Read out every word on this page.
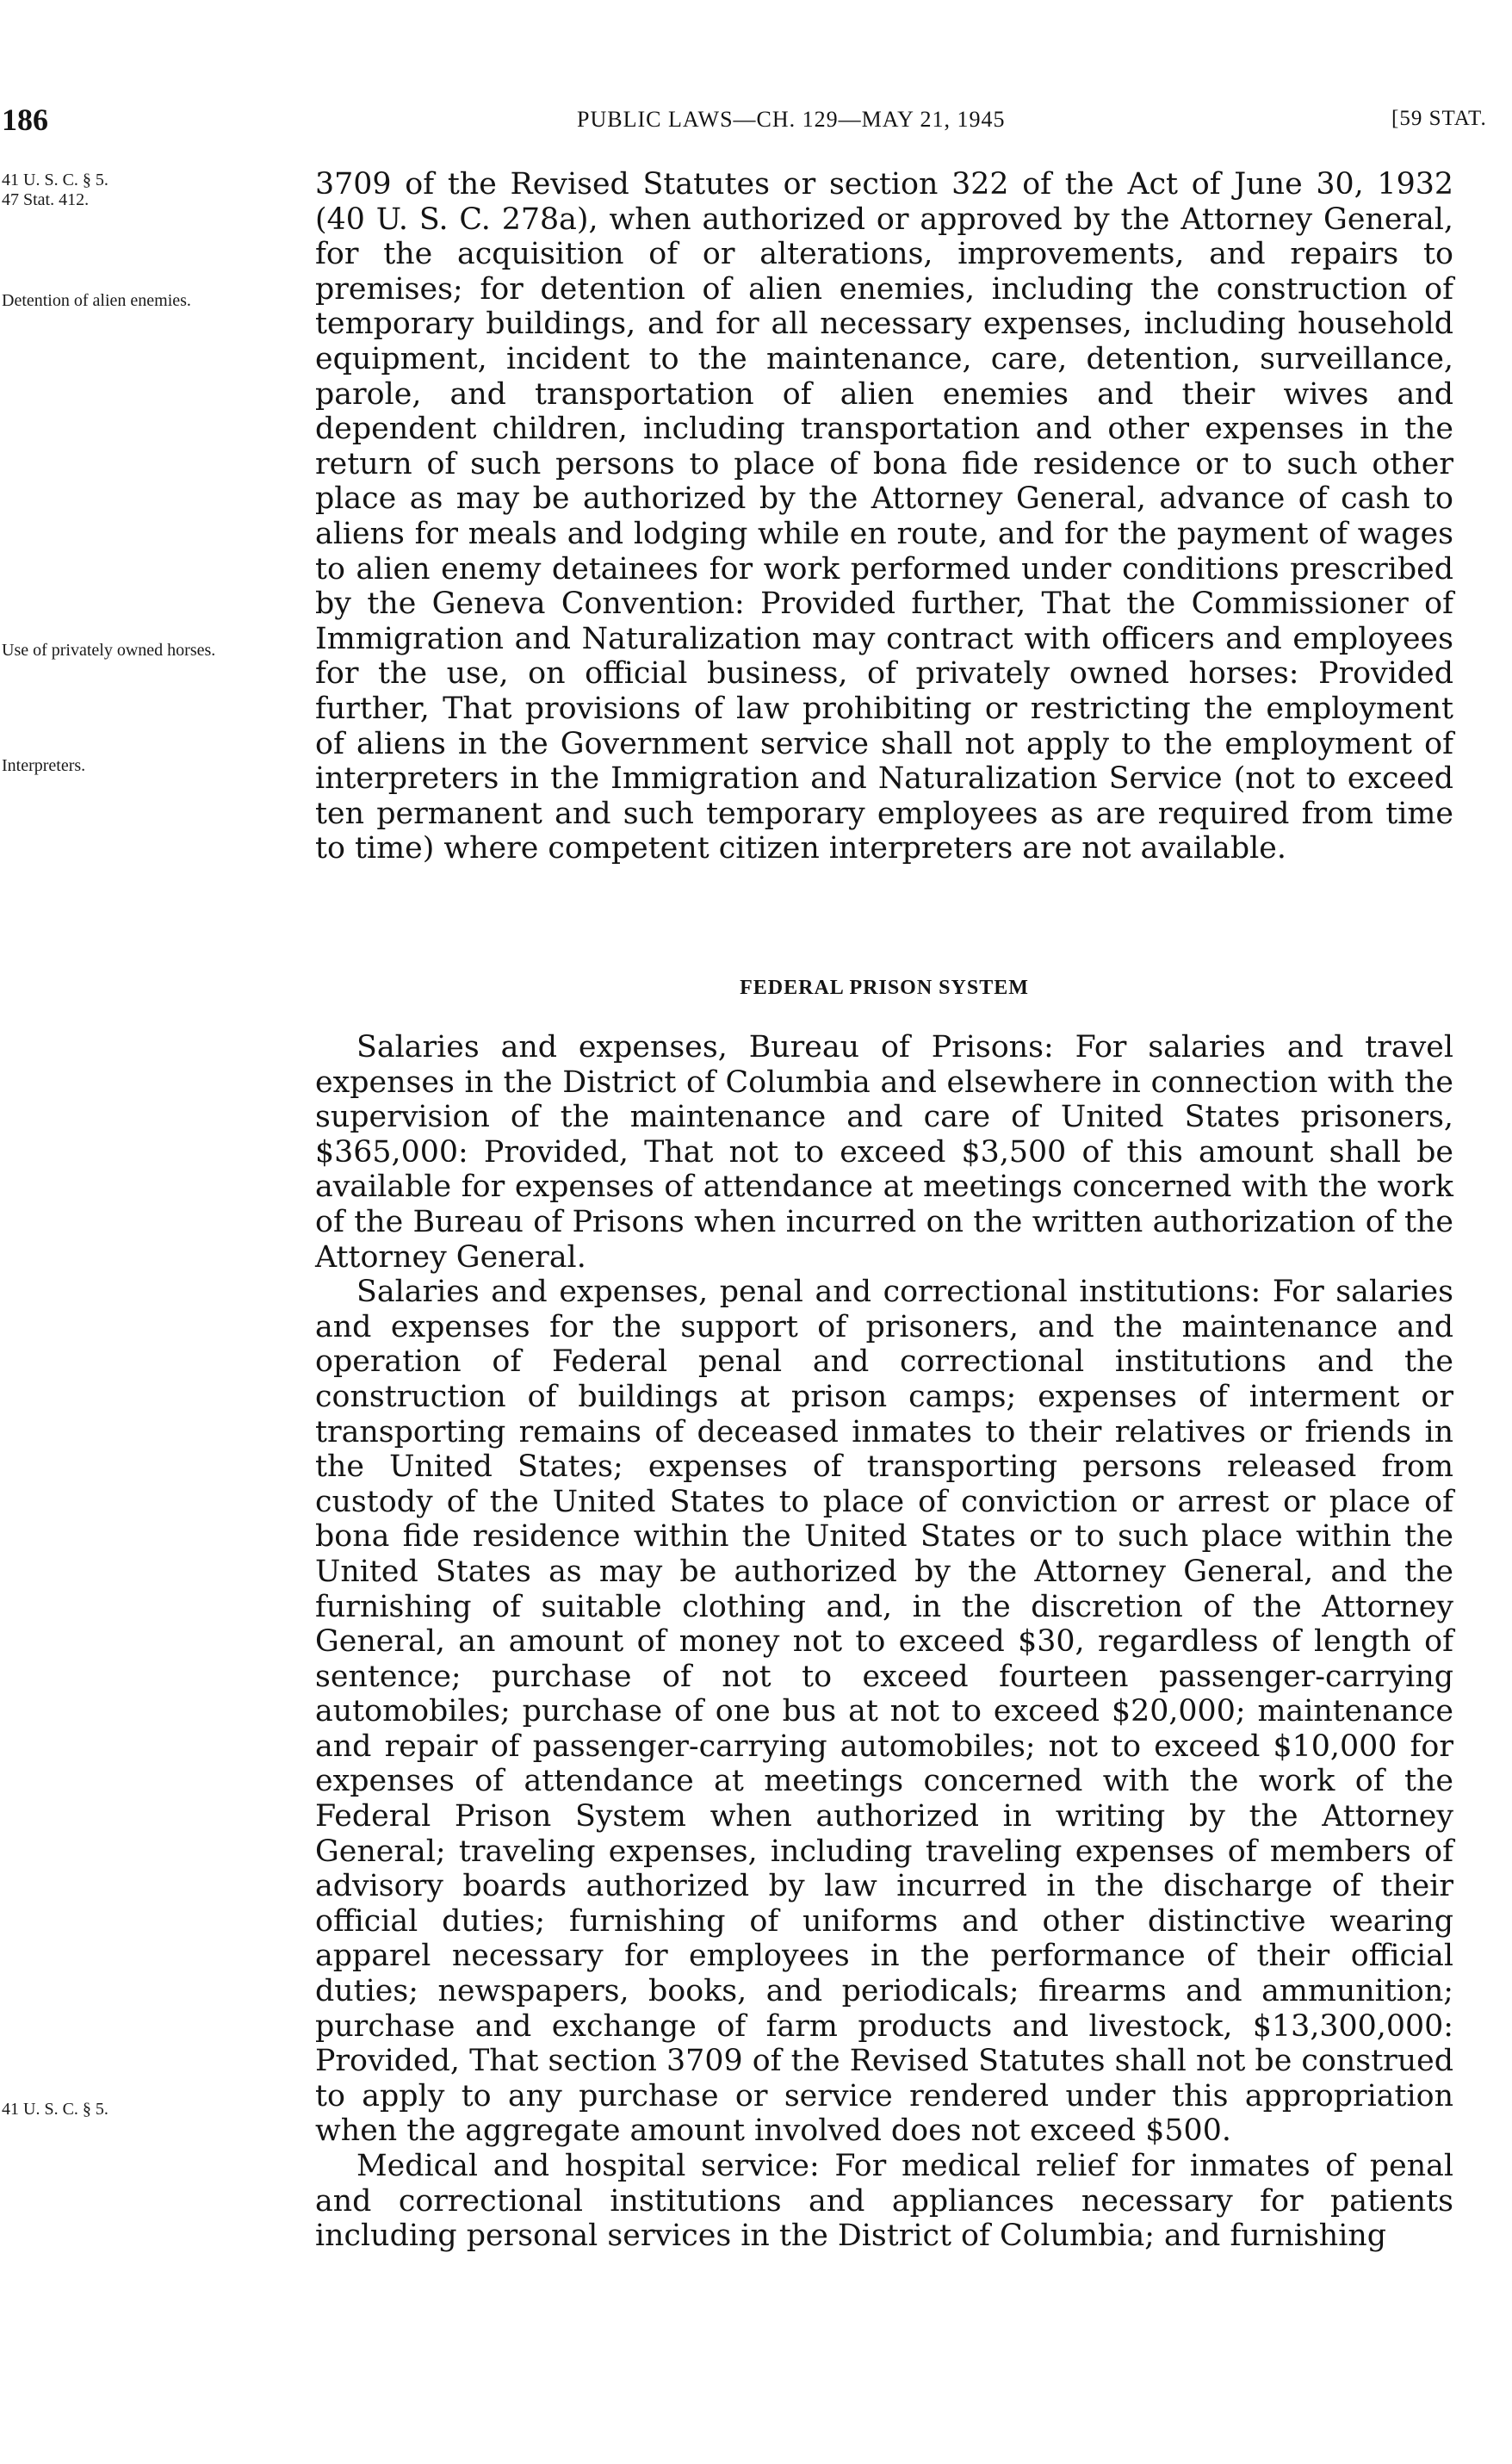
186	PUBLIC LAWS—CH. 129—MAY 21, 1945	[59 STAT.
41 U. S. C. § 5.
47 Stat. 412.
Detention of alien enemies.
Use of privately owned horses.
Interpreters.
41 U. S. C. § 5.

3709 of the Revised Statutes or section 322 of the Act of June 30, 1932 (40 U. S. C. 278a), when authorized or approved by the Attorney General, for the acquisition of or alterations, improvements, and repairs to premises; for detention of alien enemies, including the construction of temporary buildings, and for all necessary expenses, including household equipment, incident to the maintenance, care, detention, surveillance, parole, and transportation of alien enemies and their wives and dependent children, including transportation and other expenses in the return of such persons to place of bona fide residence or to such other place as may be authorized by the Attorney General, advance of cash to aliens for meals and lodging while en route, and for the payment of wages to alien enemy detainees for work performed under conditions prescribed by the Geneva Convention: Provided further, That the Commissioner of Immigration and Naturalization may contract with officers and employees for the use, on official business, of privately owned horses: Provided further, That provisions of law prohibiting or restricting the employment of aliens in the Government service shall not apply to the employment of interpreters in the Immigration and Naturalization Service (not to exceed ten permanent and such temporary employees as are required from time to time) where competent citizen interpreters are not available.

FEDERAL PRISON SYSTEM

Salaries and expenses, Bureau of Prisons: For salaries and travel expenses in the District of Columbia and elsewhere in connection with the supervision of the maintenance and care of United States prisoners, $365,000: Provided, That not to exceed $3,500 of this amount shall be available for expenses of attendance at meetings concerned with the work of the Bureau of Prisons when incurred on the written authorization of the Attorney General.

Salaries and expenses, penal and correctional institutions: For salaries and expenses for the support of prisoners, and the maintenance and operation of Federal penal and correctional institutions and the construction of buildings at prison camps; expenses of interment or transporting remains of deceased inmates to their relatives or friends in the United States; expenses of transporting persons released from custody of the United States to place of conviction or arrest or place of bona fide residence within the United States or to such place within the United States as may be authorized by the Attorney General, and the furnishing of suitable clothing and, in the discretion of the Attorney General, an amount of money not to exceed $30, regardless of length of sentence; purchase of not to exceed fourteen passenger-carrying automobiles; purchase of one bus at not to exceed $20,000; maintenance and repair of passenger-carrying automobiles; not to exceed $10,000 for expenses of attendance at meetings concerned with the work of the Federal Prison System when authorized in writing by the Attorney General; traveling expenses, including traveling expenses of members of advisory boards authorized by law incurred in the discharge of their official duties; furnishing of uniforms and other distinctive wearing apparel necessary for employees in the performance of their official duties; newspapers, books, and periodicals; firearms and ammunition; purchase and exchange of farm products and livestock, $13,300,000: Provided, That section 3709 of the Revised Statutes shall not be construed to apply to any purchase or service rendered under this appropriation when the aggregate amount involved does not exceed $500.

Medical and hospital service: For medical relief for inmates of penal and correctional institutions and appliances necessary for patients including personal services in the District of Columbia; and furnishing
